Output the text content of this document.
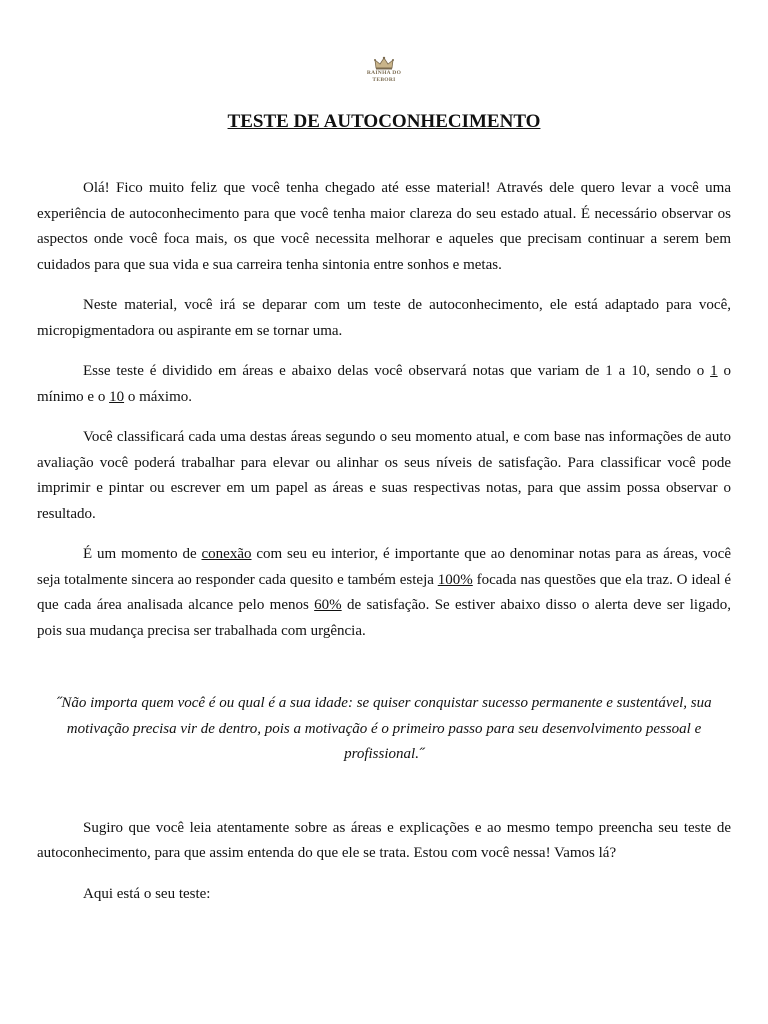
RAINHA DO
TEBORI
TESTE DE AUTOCONHECIMENTO

Olá! Fico muito feliz que você tenha chegado até esse material! Através dele quero levar a você uma experiência de autoconhecimento para que você tenha maior clareza do seu estado atual. É necessário observar os aspectos onde você foca mais, os que você necessita melhorar e aqueles que precisam continuar a serem bem cuidados para que sua vida e sua carreira tenha sintonia entre sonhos e metas.

Neste material, você irá se deparar com um teste de autoconhecimento, ele está adaptado para você, micropigmentadora ou aspirante em se tornar uma.

Esse teste é dividido em áreas e abaixo delas você observará notas que variam de 1 a 10, sendo o 1 o mínimo e o 10 o máximo.

Você classificará cada uma destas áreas segundo o seu momento atual, e com base nas informações de auto avaliação você poderá trabalhar para elevar ou alinhar os seus níveis de satisfação. Para classificar você pode imprimir e pintar ou escrever em um papel as áreas e suas respectivas notas, para que assim possa observar o resultado.

É um momento de conexão com seu eu interior, é importante que ao denominar notas para as áreas, você seja totalmente sincera ao responder cada quesito e também esteja 100% focada nas questões que ela traz. O ideal é que cada área analisada alcance pelo menos 60% de satisfação. Se estiver abaixo disso o alerta deve ser ligado, pois sua mudança precisa ser trabalhada com urgência.

˝Não importa quem você é ou qual é a sua idade: se quiser conquistar sucesso permanente e sustentável, sua motivação precisa vir de dentro, pois a motivação é o primeiro passo para seu desenvolvimento pessoal e profissional.˝

Sugiro que você leia atentamente sobre as áreas e explicações e ao mesmo tempo preencha seu teste de autoconhecimento, para que assim entenda do que ele se trata. Estou com você nessa! Vamos lá?

Aqui está o seu teste:
